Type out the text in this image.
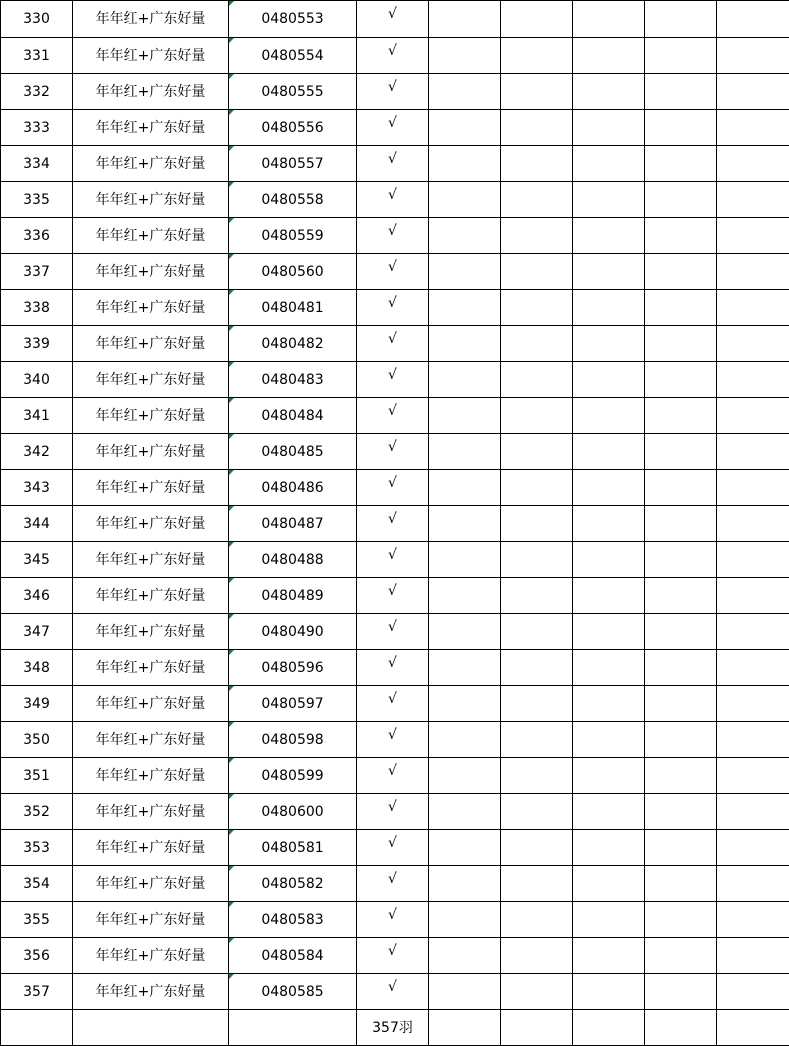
330	年年红+广东好量	0480553	√					
331	年年红+广东好量	0480554	√					
332	年年红+广东好量	0480555	√					
333	年年红+广东好量	0480556	√					
334	年年红+广东好量	0480557	√					
335	年年红+广东好量	0480558	√					
336	年年红+广东好量	0480559	√					
337	年年红+广东好量	0480560	√					
338	年年红+广东好量	0480481	√					
339	年年红+广东好量	0480482	√					
340	年年红+广东好量	0480483	√					
341	年年红+广东好量	0480484	√					
342	年年红+广东好量	0480485	√					
343	年年红+广东好量	0480486	√					
344	年年红+广东好量	0480487	√					
345	年年红+广东好量	0480488	√					
346	年年红+广东好量	0480489	√					
347	年年红+广东好量	0480490	√					
348	年年红+广东好量	0480596	√					
349	年年红+广东好量	0480597	√					
350	年年红+广东好量	0480598	√					
351	年年红+广东好量	0480599	√					
352	年年红+广东好量	0480600	√					
353	年年红+广东好量	0480581	√					
354	年年红+广东好量	0480582	√					
355	年年红+广东好量	0480583	√					
356	年年红+广东好量	0480584	√					
357	年年红+广东好量	0480585	√					
			357羽					
